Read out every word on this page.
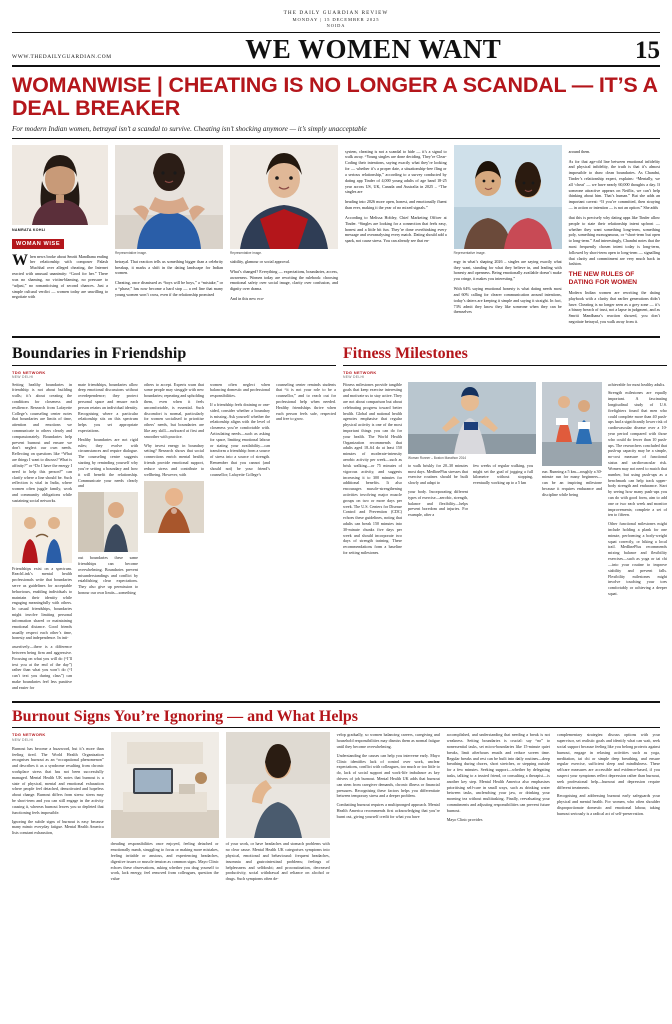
THE DAILY GUARDIAN REVIEW
MONDAY | 15 DECEMBER 2025
NOIDA
WWW.THEDAILYGUARDIAN.COM	WE WOMEN WANT	15
WOMANWISE | CHEATING IS NO LONGER A SCANDAL — IT’S A DEAL BREAKER
For modern Indian women, betrayal isn’t a scandal to survive. Cheating isn’t shocking anymore — it’s simply unacceptable
NAMRATA KOHLI
WOMAN WISE

When news broke about Smriti Mandhana ending her relationship with composer Palash Muchhal over alleged cheating, the Internet reacted with unusual unanimity: “Good for her.” There was no shaming, no victim-blaming, no pressure to “adjust,” no romanticising of second chances. Just a simple cultural verdict — women today are unwilling to negotiate with

Representative image.

betrayal. That reaction tells us something bigger than a celebrity breakup, it marks a shift in the dating landscape for Indian women.

Cheating, once dismissed as “boys will be boys,” a “mistake,” or a “phase,” has now become a hard stop — a red line that many young women won’t cross, even if the relationship promised

Representative image.

stability, glamour or social approval.

What’s changed? Everything — expectations, boundaries, access, awareness. Women today are rewriting the rulebook: choosing emotional safety over social image, clarity over confusion, and dignity over drama.

And in this new eco-

system, cheating is not a scandal to hide — it’s a signal to walk away. “Young singles are done deciding. They’re Clear-Coding their intentions, saying exactly what they’re looking for — whether it’s a proper date, a situationship-free fling or a serious relationship,” according to a survey conducted by dating app Tinder of 4,000 young adults of age band 18-25 year across US, UK, Canada and Australia in 2025 – “The singles are

heading into 2026 more open, honest, and emotionally fluent than ever, making it the year of no mixed signals.”

According to Melissa Hobley, Chief Marketing Officer at Tinder. “Singles are looking for a connection that feels easy, honest and a little bit fun. They’re done overthinking every message and overanalysing every match. Dating should add a spark, not cause stress. You can already see that en-

Representative image.

ergy in what’s shaping 2026 – singles are saying exactly what they want, standing for what they believe in, and leading with honesty and openness. Being emotionally available doesn’t make you cringe, it makes you interesting.”

With 64% saying emotional honesty is what dating needs most and 60% calling for clearer communication around intentions, today’s daters are keeping it simple and saying it straight. In fact, 73% admit they know they like someone when they can be themselves

around them.

As for that age-old line between emotional infidelity and physical infidelity, the truth is that it’s almost impossible to draw clean boundaries. As Chandni, Tinder’s relationship expert, explains: “Mentally, we all ‘cheat’ — we have nearly 60,000 thoughts a day. If someone attractive appears on Netflix, we can’t help thinking about him. That’s human.” But she adds an important caveat: “If you’re committed, then straying — in action or intention — is not an option.” She adds

that this is precisely why dating apps like Tinder allow people to state their relationship intent upfront — whether they want something long-term, something poly, something monogamous, or “short-term but open to long-term.” And interestingly, Chandni notes that the most frequently chosen intent today is long-term, followed by short-term open to long-term — signalling that clarity and commitment are very much back in fashion.

THE NEW RULES OF DATING FOR WOMEN

Modern Indian women are rewriting the dating playbook with a clarity that earlier generations didn’t have. Cheating is no longer seen as a grey zone — it’s a binary breach of trust, not a lapse in judgment, and as Smriti Mandhana’s reaction showed, you don’t negotiate betrayal, you walk away from it.

Boundaries in Friendship
TDG NETWORK
NEW DELHI

Setting healthy boundaries in friendship is not about building walls; it’s about creating the conditions for closeness and resilience. Research from Lafayette College’s counseling center notes that boundaries are limits of time, attention and emotions we communicate to others clearly and compassionately. Boundaries help prevent burnout and ensure we don’t neglect our own needs. Reflecting on questions like “What are things I want to discuss? What is affinity?” or “Do I have the energy I need to help this person?” can clarify where a line should be. Such reflection is vital in India, where women often juggle family, work and community obligations while sustaining social networks.

Friendships exist on a spectrum. ReachLink’s mental health professionals write that boundaries serve as guidelines for acceptable behaviours, enabling individuals to maintain their identity while engaging meaningfully with others. In casual friendships, boundaries might involve limiting personal information shared or maintaining emotional distance. Good friends usually respect each other’s time, honesty and independence. In inti-

assertively—there is a difference between being firm and aggressive. Focusing on what you will do (“I’ll text you at the end of the day”) rather than what you won’t do (“I can’t text you during class”) can make boundaries feel less punitive and easier for

mate friendships, boundaries allow deep emotional discussions without overdependence; they protect personal space and ensure each person retains an individual identity. Recognising where a particular relationship sits on this spectrum helps you set appropriate expectations.

Healthy boundaries are not rigid rules; they evolve with circumstances and require dialogue. The counseling centre suggests starting by reminding yourself why you’re setting a boundary and how it will benefit the relationship. Communicate your needs clearly and

out boundaries these same friendships can become overwhelming. Boundaries prevent misunderstandings and conflict by establishing clear expectations. They also give up permission to honour our own limits—something

others to accept. Experts warn that some people may struggle with new boundaries; repeating and upholding them, even when it feels uncomfortable, is essential. Such discomfort is normal, particularly for women socialised to prioritise others’ needs, but boundaries are like any skill—awkward at first and smoother with practice.

Why invest energy in boundary setting? Research shows that social connections enrich mental health; friends provide emotional support, reduce stress and contribute to wellbeing. However, with

women often neglect when balancing domestic and professional responsibilities.

If a friendship feels draining or one-sided, consider whether a boundary is missing. Ask yourself whether the relationship aligns with the level of closeness you’re comfortable with. Articulating needs—such as asking for space, limiting emotional labour or stating your availability—can transform a friendship from a source of stress into a source of strength. Remember that you cannot (and should not) be your friend’s counsellor; Lafayette College’s

counseling center reminds students that “it is not your role to be a counsellor,” and to reach out for professional help when needed. Healthy friendships thrive when each person feels safe, respected and free to grow.

Fitness Milestones
TDG NETWORK
NEW DELHI

Fitness milestones provide tangible goals that keep exercise interesting and motivate us to stay active. They are not about comparison but about celebrating progress toward better health. Global and national health agencies emphasise that regular physical activity is one of the most important things you can do for your health. The World Health Organization recommends that adults aged 18–64 do at least 150 minutes of moderate-intensity aerobic activity per week—such as brisk walking—or 75 minutes of vigorous activity, and suggests increasing it to 300 minutes for additional benefits. It also encourages muscle-strengthening activities involving major muscle groups on two or more days per week. The U.S. Centers for Disease Control and Prevention (CDC) echoes these guidelines, noting that adults can break 150 minutes into 30-minute chunks five days per week and should incorporate two days of strength training. These recommendations form a baseline for setting milestones.

Woman Runner – Boston Marathon 2014

to walk briskly for 20–30 minutes most days. MedlinePlus stresses that exercise routines should be built slowly and adapt to

your body. Incorporating different types of exercise—aerobic, strength, balance and flexibility—helps prevent boredom and injuries. For example, after a

few weeks of regular walking, you might set the goal of jogging a full kilometre without stopping, eventually working up to a 5 km

run. Running a 5 km—roughly a 30-minute run for many beginners—can be an inspiring milestone because it requires endurance and discipline while being

achievable for most healthy adults.

Strength milestones are equally important. A fascinating longitudinal study of U.S. firefighters found that men who could complete more than 40 push-ups had a significantly lower risk of cardiovascular disease over a 10-year period compared with those who could do fewer than 10 push-ups. The researchers concluded that push-up capacity may be a simple, no-cost measure of functional status and cardiovascular risk. Women may not need to match that number, but using push-ups as a benchmark can help track upper-body strength and endurance. Start by seeing how many push-ups you can do with good form, aim to add one or two each week and monitor improvements; complete a set of ten to fifteen.

Other functional milestones might include holding a plank for one minute, performing a body-weight squat correctly, or hiking a local trail. MedlinePlus recommends mixing balance and flexibility exercises—such as yoga or tai chi—into your routine to improve stability and prevent falls. Flexibility milestones might involve touching your toes comfortably or achieving a deeper squat.

Burnout Signs You’re Ignoring — and What Helps
TDG NETWORK
NEW DELHI

Burnout has become a buzzword, but it’s more than feeling tired. The World Health Organization recognises burnout as an “occupational phenomenon” and describes it as a syndrome resulting from chronic workplace stress that has not been successfully managed. Mental Health UK notes that burnout is a state of physical, mental and emotional exhaustion where people feel detached, demotivated and hopeless about change. Burnout differs from stress: stress may be short-term and you can still engage in the activity causing it, whereas burnout leaves you so depleted that functioning feels impossible.

Ignoring the subtle signs of burnout is easy because many mimic everyday fatigue. Mental Health America lists constant exhaustion,

dreading responsibilities once enjoyed, feeling detached or emotionally numb, struggling to focus or making more mistakes, feeling irritable or anxious, and experiencing headaches, digestive issues or muscle tension as common signs. Mayo Clinic echoes these observations, asking whether you drag yourself to work, lack energy, feel removed from colleagues, question the value

of your work, or have headaches and stomach problems with no clear cause. Mental Health UK categorises symptoms into physical, emotional and behavioural: frequent headaches, insomnia and gastrointestinal problems; feelings of helplessness and selfdoubt; and procrastination, decreased productivity, social withdrawal and reliance on alcohol or drugs. Such symptoms often de-

velop gradually, so women balancing careers, caregiving and household responsibilities may dismiss them as normal fatigue until they become overwhelming.

Understanding the causes can help you intervene early. Mayo Clinic identifies lack of control over work, unclear expectations, conflict with colleagues, too much or too little to do, lack of social support and work-life imbalance as key drivers of job burnout. Mental Health UK adds that burnout can stem from caregiver demands, chronic illness or financial pressures. Recognising these factors helps you differentiate between temporary stress and a deeper problem.

Combatting burnout requires a multipronged approach. Mental Health America recommends first acknowledging that you’re burnt out, giving yourself credit for what you have

accomplished, and understanding that needing a break is not weakness. Setting boundaries is crucial: say “no” to nonessential tasks, set micro-boundaries like 15-minute quiet breaks, limit afterhours emails and reduce screen time. Regular breaks and rest can be built into daily routines—deep breathing during chores, short stretches, or stepping outside for a few minutes. Seeking support—whether by delegating tasks, talking to a trusted friend, or consulting a therapist—is another key step. Mental Health America also emphasises prioritising self-care in small ways, such as drinking water between tasks, unclenching your jaw, or drinking your morning tea without multitasking. Finally, reevaluating your commitments and adjusting responsibilities can prevent future burnout.

Mayo Clinic provides

complementary strategies: discuss options with your supervisor, set realistic goals and identify what can wait, seek social support because feeling like you belong protects against burnout, engage in relaxing activities such as yoga, meditation, tai chi or simple deep breathing, and ensure regular exercise, sufficient sleep and mindfulness. These selfcare measures are accessible and evidence-based, if you suspect your symptoms reflect depression rather than burnout, seek professional help—burnout and depression require different treatments.

Recognising and addressing burnout early safeguards your physical and mental health. For women, who often shoulder disproportionate domestic and emotional labour, taking burnout seriously is a radical act of self-preservation.
